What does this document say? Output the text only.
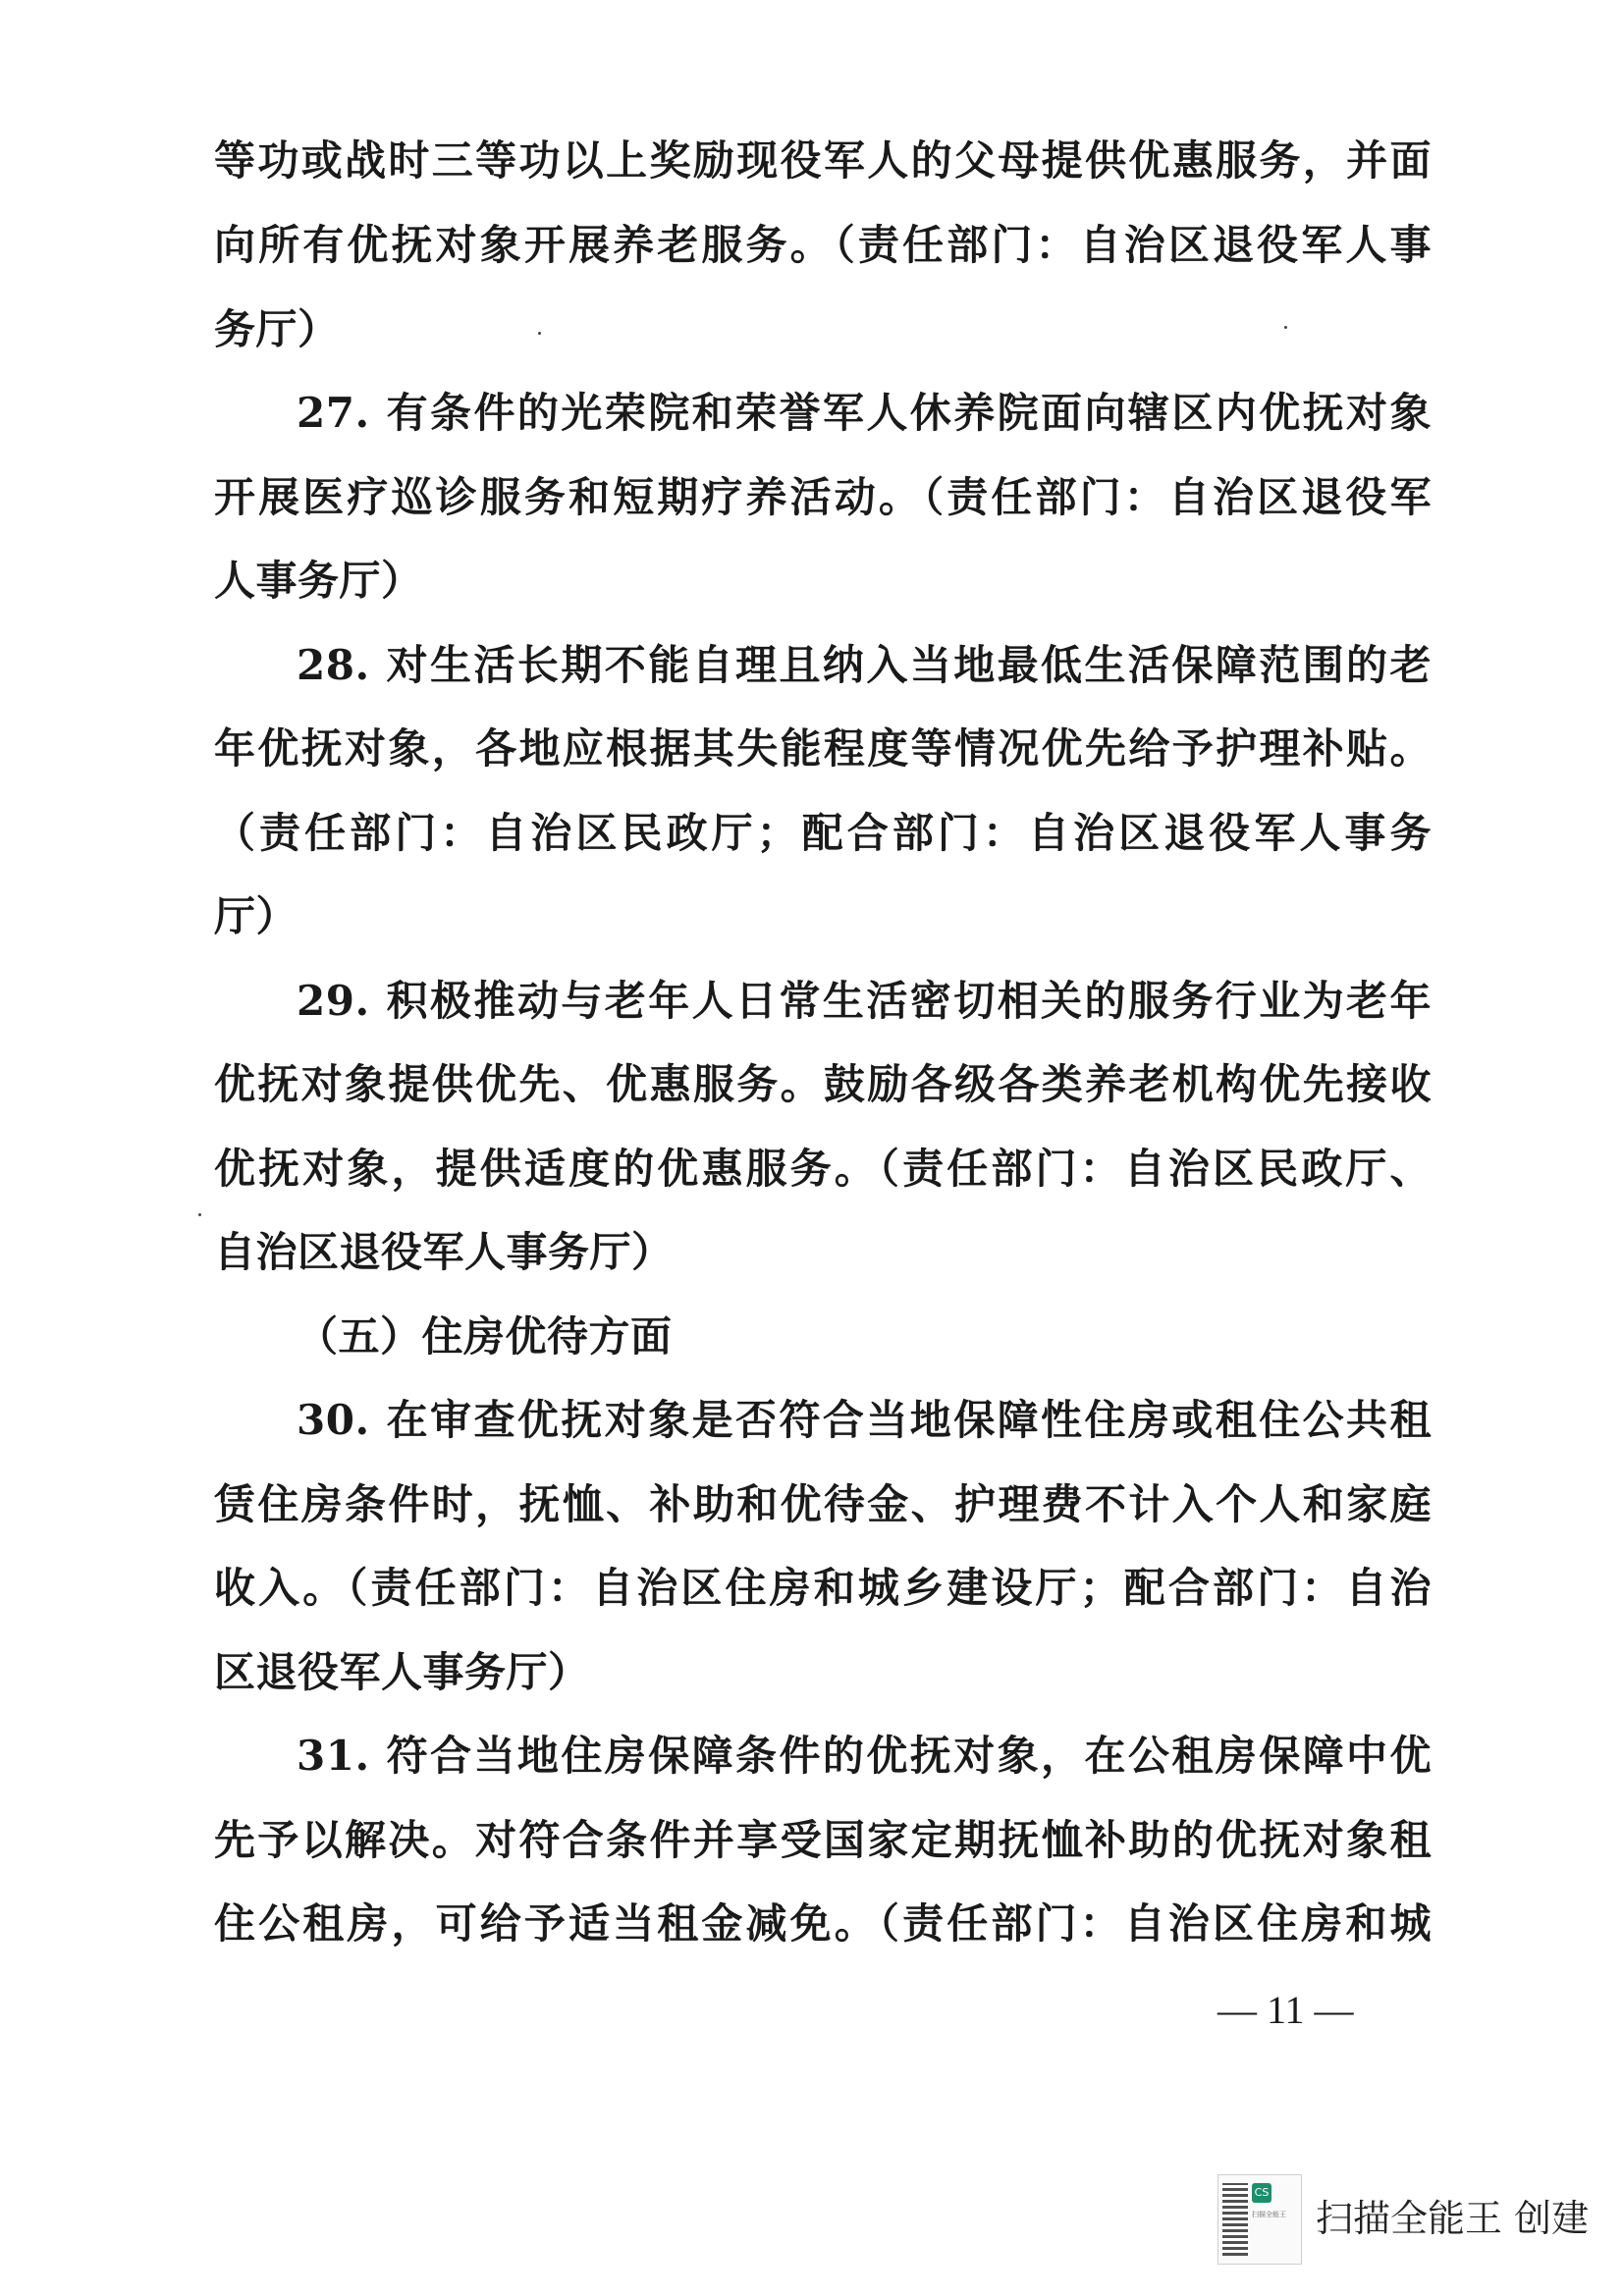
等功或战时三等功以上奖励现役军人的父母提供优惠服务，并面
向所有优抚对象开展养老服务。（责任部门：自治区退役军人事
务厅）
27. 有条件的光荣院和荣誉军人休养院面向辖区内优抚对象
开展医疗巡诊服务和短期疗养活动。（责任部门：自治区退役军
人事务厅）
28. 对生活长期不能自理且纳入当地最低生活保障范围的老
年优抚对象，各地应根据其失能程度等情况优先给予护理补贴。
（责任部门：自治区民政厅；配合部门：自治区退役军人事务
厅）
29. 积极推动与老年人日常生活密切相关的服务行业为老年
优抚对象提供优先、优惠服务。鼓励各级各类养老机构优先接收
优抚对象，提供适度的优惠服务。（责任部门：自治区民政厅、
自治区退役军人事务厅）
（五）住房优待方面
30. 在审查优抚对象是否符合当地保障性住房或租住公共租
赁住房条件时，抚恤、补助和优待金、护理费不计入个人和家庭
收入。（责任部门：自治区住房和城乡建设厅；配合部门：自治
区退役军人事务厅）
31. 符合当地住房保障条件的优抚对象，在公租房保障中优
先予以解决。对符合条件并享受国家定期抚恤补助的优抚对象租
住公租房，可给予适当租金减免。（责任部门：自治区住房和城
— 11 —
CS
扫描全能王 扫描全能王 创建
